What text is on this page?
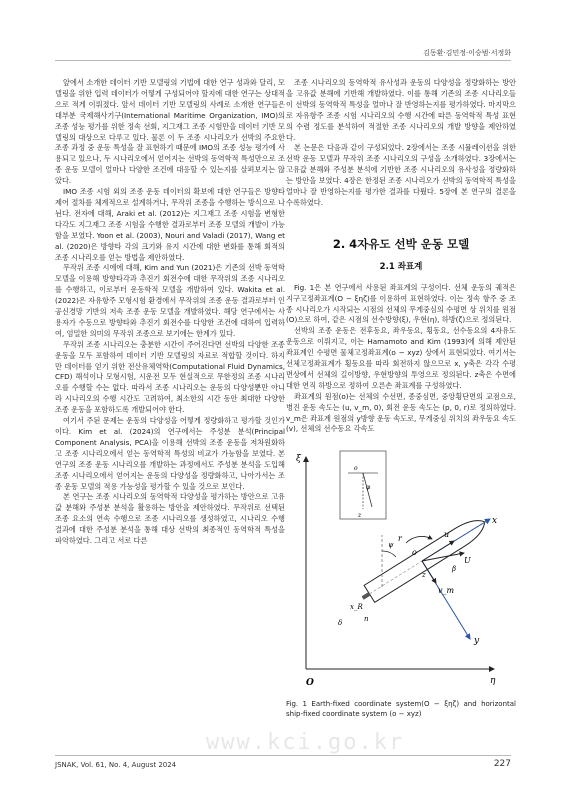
김동환·김민정·이승범·서정화

앞에서 소개한 데이터 기반 모델링의 기법에 대한 연구 성과와 달리, 모델링을 위한 입력 데이터가 어떻게 구성되어야 할지에 대한 연구는 상대적으로 적게 이뤄졌다. 앞서 데이터 기반 모델링의 사례로 소개한 연구들은 대부분 국제해사기구(International Maritime Organization, IMO)의 조종 성능 평가를 위한 정속 선회, 지그재그 조종 시험만을 데이터 기반 모델링의 대상으로 다루고 있다. 물론 이 두 조종 시나리오가 선박의 주요한 조종 과정 중 운동 특성을 잘 표현하기 때문에 IMO의 조종 성능 평가에 사용되고 있으나, 두 시나리오에서 얻어지는 선박의 동역학적 특성만으로 조종 운동 모델이 얼마나 다양한 조건에 대응할 수 있는지를 살펴보지는 않았다.

IMO 조종 시험 외의 조종 운동 데이터의 확보에 대한 연구들은 방향타 제어 절차를 체계적으로 설계하거나, 무작위 조종을 수행하는 방식으로 나뉜다. 전자에 대해, Araki et al. (2012)는 지그재그 조종 시험을 변형한 다각도 지그재그 조종 시험을 수행한 결과로부터 조종 모델의 개발이 가능함을 보였다. Yoon et al. (2003), Nouri and Valadi (2017), Wang et al. (2020)은 방향타 각의 크기와 유지 시간에 대한 변화를 통해 회적의 조종 시나리오를 얻는 방법을 제안하였다.

무작위 조종 시에에 대해, Kim and Yun (2021)은 기존의 선박 동역학 모델을 이용해 방향타각과 추진기 회전수에 대한 무작위의 조종 시나리오를 수행하고, 이로부터 운동학적 모델을 개발하여 있다. Wakita et al. (2022)은 자유항주 모형시험 환경에서 무작위의 조종 운동 결과로부터 인공신경망 기반의 저속 조종 운동 모델을 개발하였다. 해당 연구에서는 사용자가 수동으로 방향타와 추진기 회전수를 다양한 조건에 대하여 입력하여, 엄밀한 의미의 무작위 조종으로 보기에는 한계가 있다.

무작위 조종 시나리오는 충분한 시간이 주어진다면 선박의 다양한 조종 운동을 모두 포함하여 데이터 기반 모델링의 자료로 적합할 것이다. 하지만 데이터를 얻기 위한 전산유체역학(Computational Fluid Dynamics, CFD) 해석이나 모형시험, 시운전 모두 현실적으로 무한정의 조종 시나리오를 수행할 수는 없다. 따라서 조종 시나리오는 운동의 다양성뿐만 아니라 시나리오의 수행 시간도 고려하여, 최소한의 시간 동안 최대한 다양한 조종 운동을 포함하도록 개발되어야 한다.

여기서 주된 문제는 운동의 다양성을 어떻게 정량화하고 평가할 것인가이다. Kim et al. (2024)의 연구에서는 주성분 분석(Principal Component Analysis, PCA)을 이용해 선박의 조종 운동을 저차원화하고 조종 시나리오에서 얻는 동역학적 특성의 비교가 가능함을 보였다. 본 연구의 조종 운동 시나리오를 개발하는 과정에서도 주성분 분석을 도입해 조종 시나리오에서 얻어지는 운동의 다양성을 정량화하고, 나아가서는 조종 운동 모델의 적용 가능성을 평가할 수 있을 것으로 보인다.

본 연구는 조종 시나리오의 동역학적 다양성을 평가하는 방안으로 고유값 분해와 주성분 분석을 활용하는 방안을 제안하였다. 무작위로 선택된 조종 요소의 연속 수행으로 조종 시나리오를 생성하였고, 시나리오 수행 결과에 대한 주성분 분석을 통해 대상 선박의 최종적인 동역학적 특성을 파악하였다. 그리고 서로 다른

조종 시나리오의 동역학적 유사성과 운동의 다양성을 정량화하는 방안을 고유값 분해에 기반해 개발하였다. 이를 통해 기존의 조종 시나리오들이 선박의 동역학적 특성을 얼마나 잘 반영하는지를 평가하였다. 마지막으로 자유항주 조종 시험 시나리오의 수행 시간에 따른 동역학적 특성 표현의 수렴 정도를 분석하여 적절한 조종 시나리오의 개발 방향을 제안하였다.

본 논문은 다음과 같이 구성되었다. 2장에서는 조종 시뮬레이션을 위한 선박 운동 모델과 무작위 조종 시나리오의 구성을 소개하였다. 3장에서는 고유값 분해와 주성분 분석에 기반한 조종 시나리오의 유사성을 정량화하는 방안을 보였다. 4장은 한정된 조종 시나리오가 선박의 동역학적 특성을 얼마나 잘 반영하는지를 평가한 결과를 다뤘다. 5장에 본 연구의 결론을 수록하였다.

2. 4자유도 선박 운동 모델
2.1 좌표계

Fig. 1은 본 연구에서 사용된 좌표계의 구성이다. 선체 운동의 궤적은 지구고정좌표계(O − ξηζ)를 이용하여 표현하였다. 이는 정속 항주 중 조종 시나리오가 시작되는 시점의 선체의 무게중심의 수평면 상 위치를 원점(O)으로 하여, 같은 시점의 선수방향(ξ), 우현(η), 하방(ζ)으로 정의된다.

선박의 조종 운동은 전후동요, 좌우동요, 횡동요, 선수동요의 4자유도 운동으로 이뤄지고, 이는 Hamamoto and Kim (1993)에 의해 제안된 좌표계인 수평면 물체고정좌표계(o − xyz) 상에서 표현되었다. 여기서는 선체고정좌표계가 횡동요를 따라 회전하지 않으므로 x, y축은 각각 수평면상에서 선체의 길이방향, 우현방향의 투영으로 정의된다. z축은 수면에 대한 연직 하방으로 정하여 오른손 좌표계를 구성하였다.

좌표계의 원점(o)는 선체의 수선면, 종중심면, 중앙횡단면의 교점으로, 병진 운동 속도는 (u, v_m, 0), 회전 운동 속도는 (p, 0, r)로 정의하였다. v_m은 좌표계 원점의 y방향 운동 속도로, 무게중심 위치의 좌우동요 속도(v), 선체의 선수동요 각속도

ξ
η
O
o
φ
z
x
y
o
u
v_m
U
r
β
ψ
x_R
δ	n
z
Fig. 1 Earth-fixed coordinate system(O − ξηζ) and horizontal ship-fixed coordinate system (o − xyz)
www.kci.go.kr
JSNAK, Vol. 61, No. 4, August 2024	227
